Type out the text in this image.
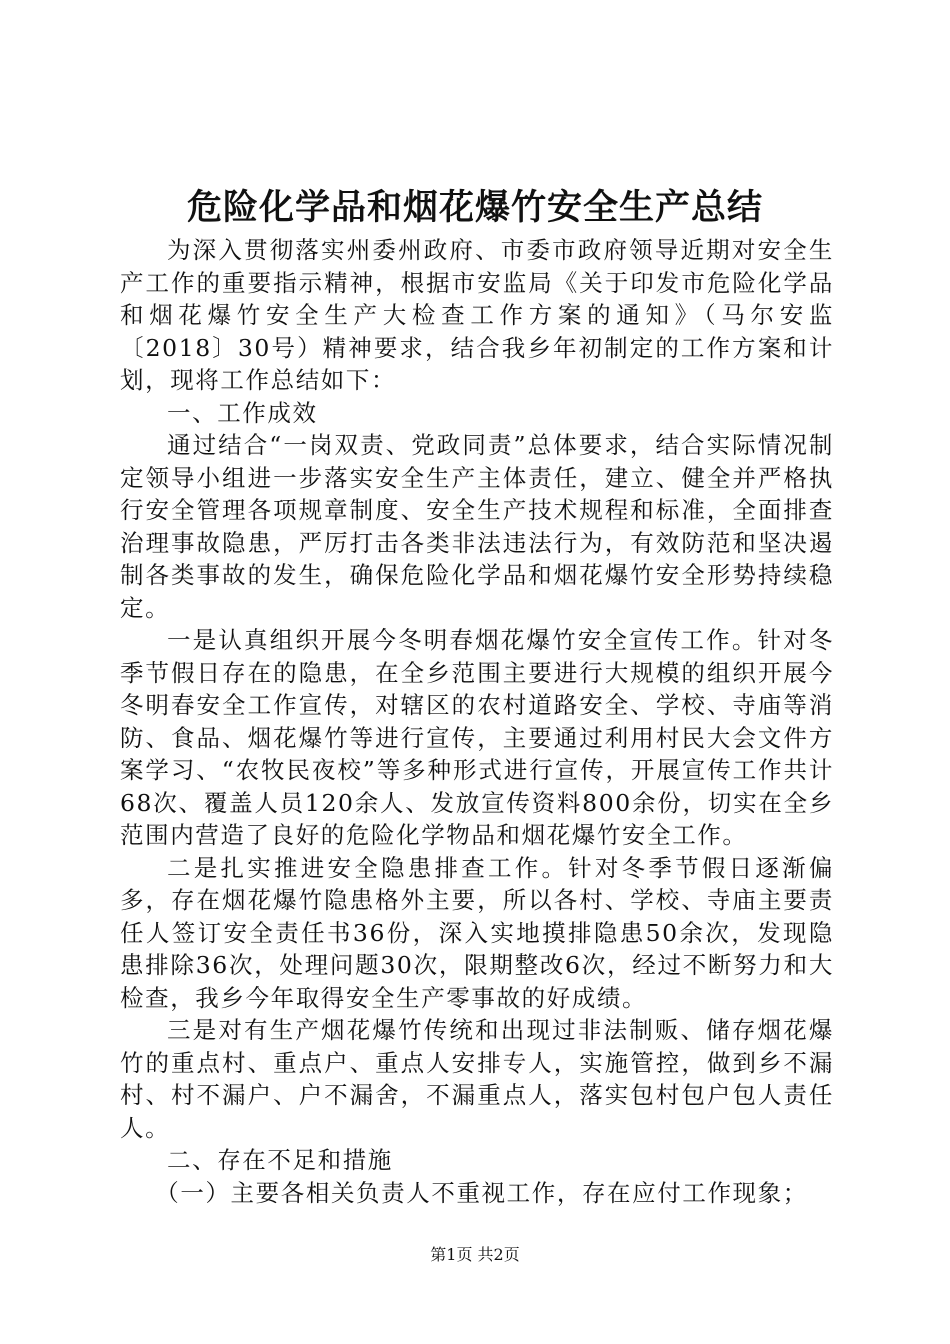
危险化学品和烟花爆竹安全生产总结

为深入贯彻落实州委州政府、市委市政府领导近期对安全生产工作的重要指示精神，根据市安监局《关于印发市危险化学品和烟花爆竹安全生产大检查工作方案的通知》（马尔安监〔2018〕30号）精神要求，结合我乡年初制定的工作方案和计划，现将工作总结如下：

一、工作成效

通过结合“一岗双责、党政同责”总体要求，结合实际情况制定领导小组进一步落实安全生产主体责任，建立、健全并严格执行安全管理各项规章制度、安全生产技术规程和标准，全面排查治理事故隐患，严厉打击各类非法违法行为，有效防范和坚决遏制各类事故的发生，确保危险化学品和烟花爆竹安全形势持续稳定。

一是认真组织开展今冬明春烟花爆竹安全宣传工作。针对冬季节假日存在的隐患，在全乡范围主要进行大规模的组织开展今冬明春安全工作宣传，对辖区的农村道路安全、学校、寺庙等消防、食品、烟花爆竹等进行宣传，主要通过利用村民大会文件方案学习、“农牧民夜校”等多种形式进行宣传，开展宣传工作共计68次、覆盖人员120余人、发放宣传资料800余份，切实在全乡范围内营造了良好的危险化学物品和烟花爆竹安全工作。

二是扎实推进安全隐患排查工作。针对冬季节假日逐渐偏多，存在烟花爆竹隐患格外主要，所以各村、学校、寺庙主要责任人签订安全责任书36份，深入实地摸排隐患50余次，发现隐患排除36次，处理问题30次，限期整改6次，经过不断努力和大检查，我乡今年取得安全生产零事故的好成绩。

三是对有生产烟花爆竹传统和出现过非法制贩、储存烟花爆竹的重点村、重点户、重点人安排专人，实施管控，做到乡不漏村、村不漏户、户不漏舍，不漏重点人，落实包村包户包人责任人。

二、存在不足和措施

（一）主要各相关负责人不重视工作，存在应付工作现象；

第1页 共2页
